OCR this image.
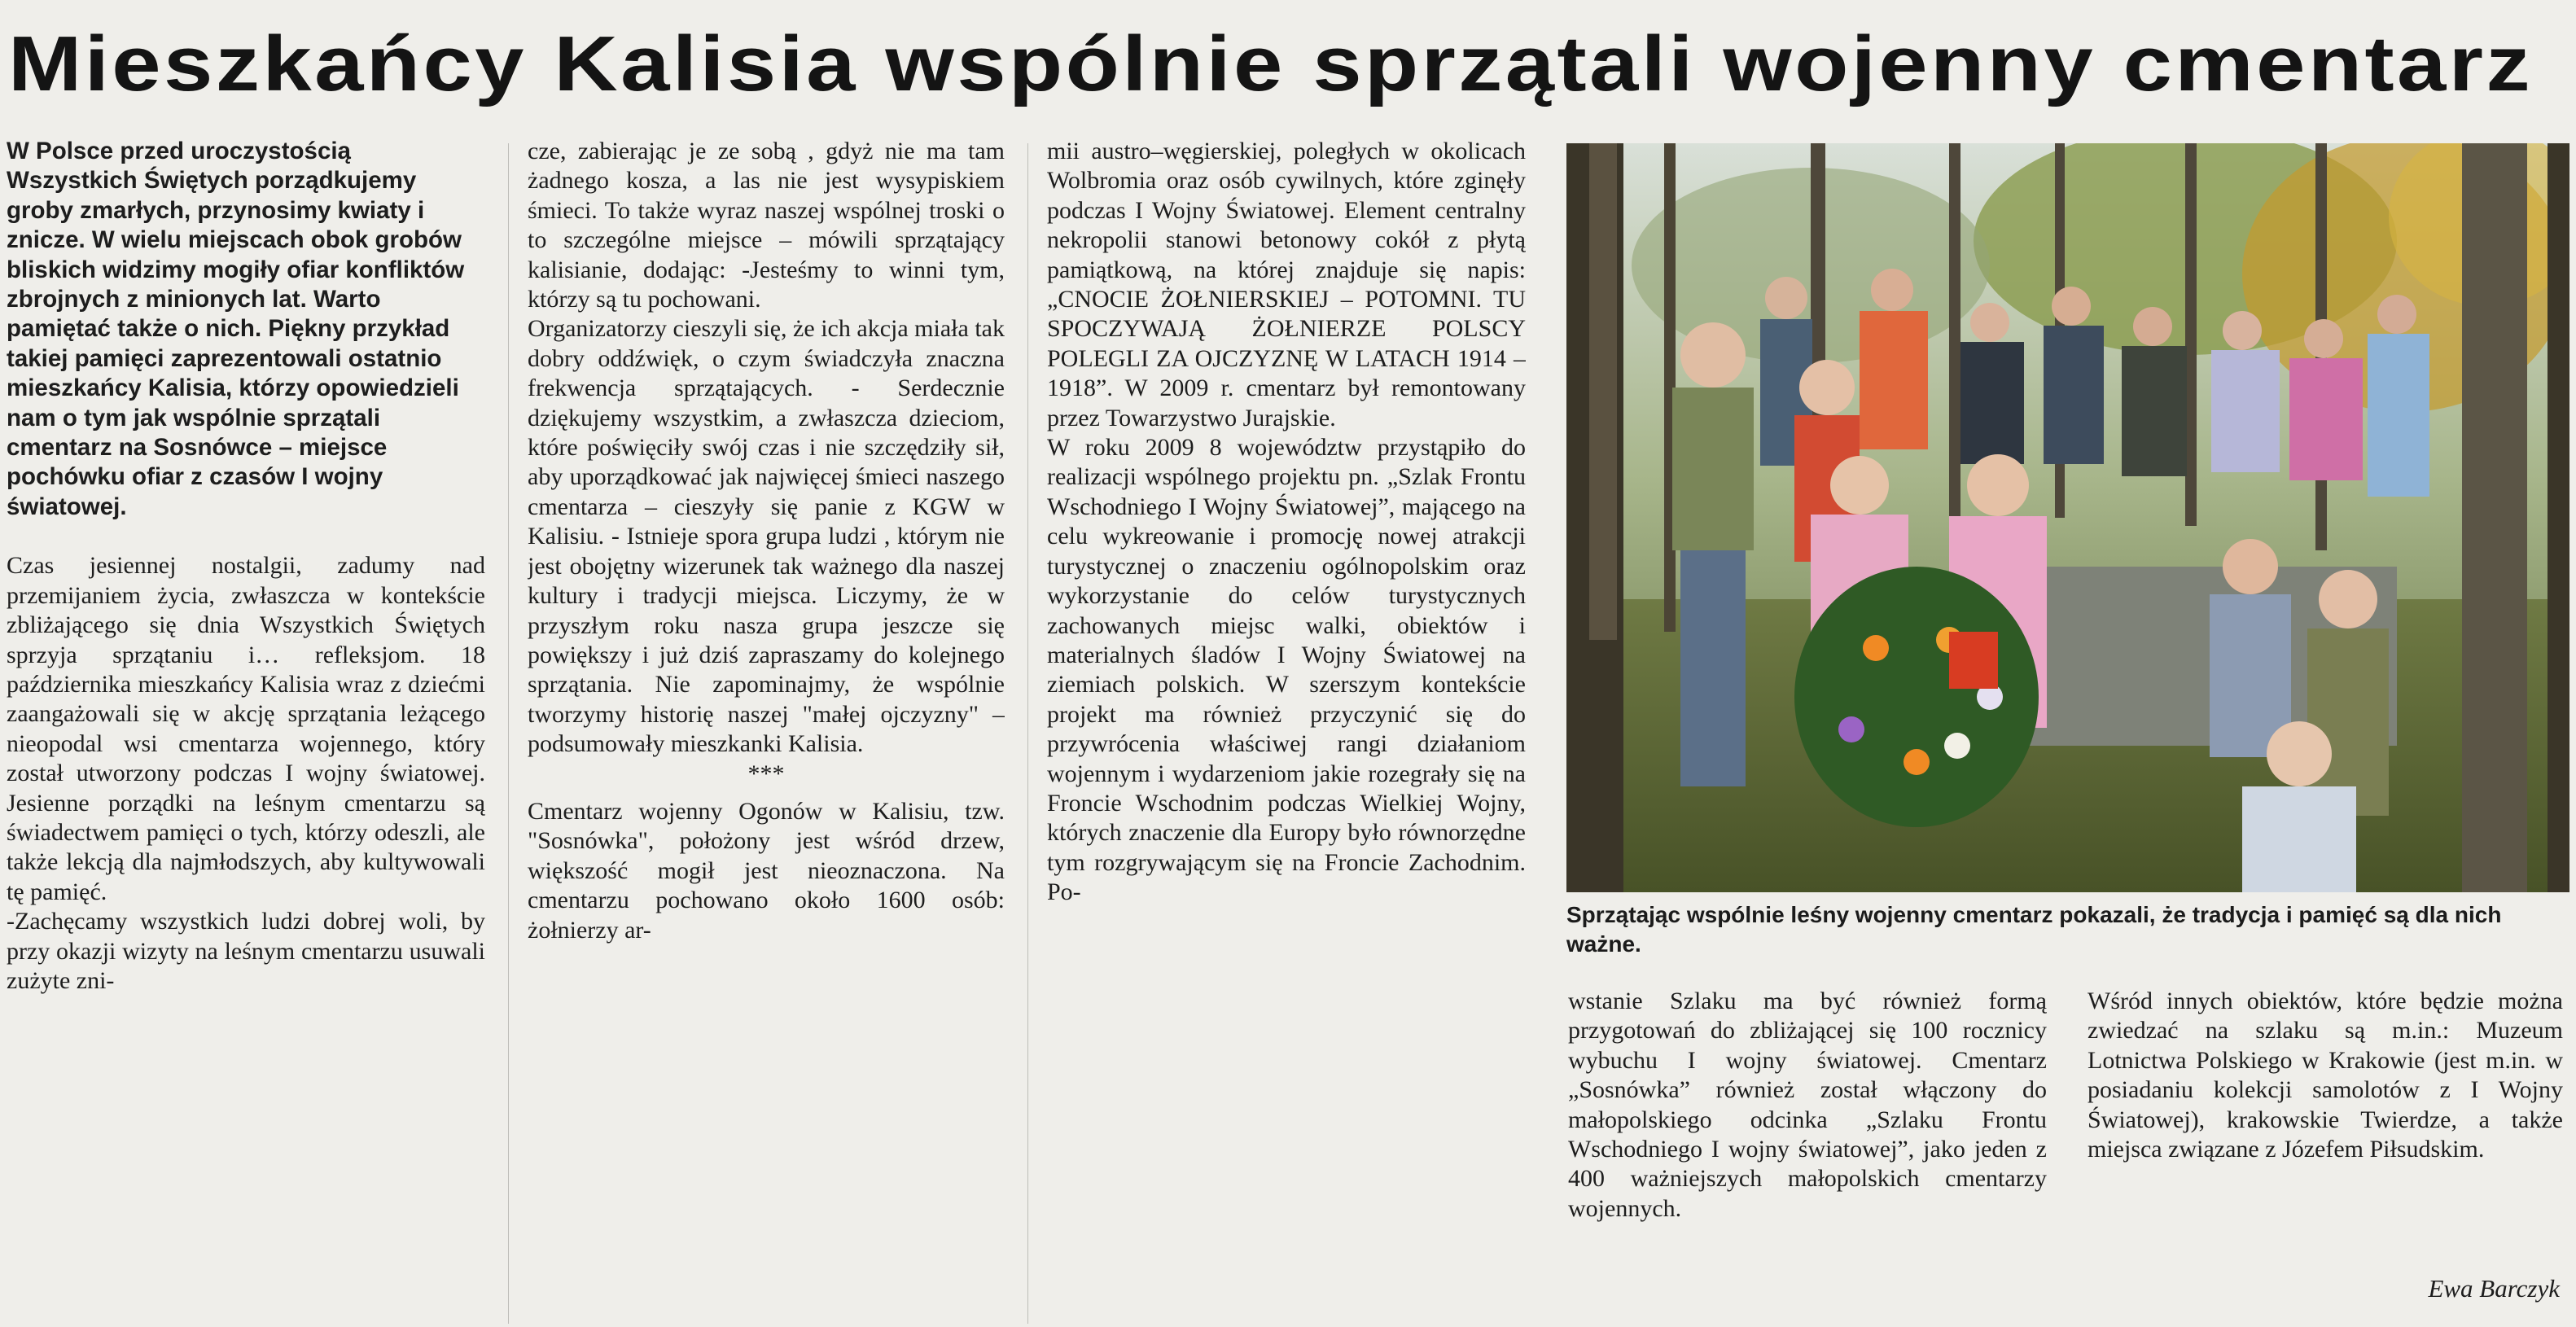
Mieszkańcy Kalisia wspólnie sprzątali wojenny cmentarz

W Polsce przed uroczystością Wszystkich Świętych porządkujemy groby zmarłych, przynosimy kwiaty i znicze. W wielu miejscach obok grobów bliskich widzimy mogiły ofiar konfliktów zbrojnych z minionych lat. Warto pamiętać także o nich. Piękny przykład takiej pamięci zaprezentowali ostatnio mieszkańcy Kalisia, którzy opowiedzieli nam o tym jak wspólnie sprzątali cmentarz na Sosnówce – miejsce pochówku ofiar z czasów I wojny światowej.

Czas jesiennej nostalgii, zadumy nad przemijaniem życia, zwłaszcza w kontekście zbliżającego się dnia Wszystkich Świętych sprzyja sprzątaniu i… refleksjom. 18 października mieszkańcy Kalisia wraz z dziećmi zaangażowali się w akcję sprzątania leżącego nieopodal wsi cmentarza wojennego, który został utworzony podczas I wojny światowej. Jesienne porządki na leśnym cmentarzu są świadectwem pamięci o tych, którzy odeszli, ale także lekcją dla najmłodszych, aby kultywowali tę pamięć.

-Zachęcamy wszystkich ludzi dobrej woli, by przy okazji wizyty na leśnym cmentarzu usuwali zużyte zni-

cze, zabierając je ze sobą , gdyż nie ma tam żadnego kosza, a las nie jest wysypiskiem śmieci. To także wyraz naszej wspólnej troski o to szczególne miejsce – mówili sprzątający kalisianie, dodając: -Jesteśmy to winni tym, którzy są tu pochowani.

Organizatorzy cieszyli się, że ich akcja miała tak dobry oddźwięk, o czym świadczyła znaczna frekwencja sprzątających. - Serdecznie dziękujemy wszystkim, a zwłaszcza dzieciom, które poświęciły swój czas i nie szczędziły sił, aby uporządkować jak najwięcej śmieci naszego cmentarza – cieszyły się panie z KGW w Kalisiu. - Istnieje spora grupa ludzi , którym nie jest obojętny wizerunek tak ważnego dla naszej kultury i tradycji miejsca. Liczymy, że w przyszłym roku nasza grupa jeszcze się powiększy i już dziś zapraszamy do kolejnego sprzątania. Nie zapominajmy, że wspólnie tworzymy historię naszej "małej ojczyzny" – podsumowały mieszkanki Kalisia.

***

Cmentarz wojenny Ogonów w Kalisiu, tzw. "Sosnówka", położony jest wśród drzew, większość mogił jest nieoznaczona. Na cmentarzu pochowano około 1600 osób: żołnierzy ar-

mii austro–węgierskiej, poległych w okolicach Wolbromia oraz osób cywilnych, które zginęły podczas I Wojny Światowej. Element centralny nekropolii stanowi betonowy cokół z płytą pamiątkową, na której znajduje się napis: „CNOCIE ŻOŁNIERSKIEJ – POTOMNI. TU SPOCZYWAJĄ ŻOŁNIERZE POLSCY POLEGLI ZA OJCZYZNĘ W LATACH 1914 – 1918”. W 2009 r. cmentarz był remontowany przez Towarzystwo Jurajskie.

W roku 2009 8 województw przystąpiło do realizacji wspólnego projektu pn. „Szlak Frontu Wschodniego I Wojny Światowej”, mającego na celu wykreowanie i promocję nowej atrakcji turystycznej o znaczeniu ogólnopolskim oraz wykorzystanie do celów turystycznych zachowanych miejsc walki, obiektów i materialnych śladów I Wojny Światowej na ziemiach polskich. W szerszym kontekście projekt ma również przyczynić się do przywrócenia właściwej rangi działaniom wojennym i wydarzeniom jakie rozegrały się na Froncie Wschodnim podczas Wielkiej Wojny, których znaczenie dla Europy było równorzędne tym rozgrywającym się na Froncie Zachodnim. Po-

Sprzątając wspólnie leśny wojenny cmentarz pokazali, że tradycja i pamięć są dla nich ważne.

wstanie Szlaku ma być również formą przygotowań do zbliżającej się 100 rocznicy wybuchu I wojny światowej. Cmentarz „Sosnówka” również został włączony do małopolskiego odcinka „Szlaku Frontu Wschodniego I wojny światowej”, jako jeden z 400 ważniejszych małopolskich cmentarzy wojennych.

Wśród innych obiektów, które będzie można zwiedzać na szlaku są m.in.: Muzeum Lotnictwa Polskiego w Krakowie (jest m.in. w posiadaniu kolekcji samolotów z I Wojny Światowej), krakowskie Twierdze, a także miejsca związane z Józefem Piłsudskim.

Ewa Barczyk
